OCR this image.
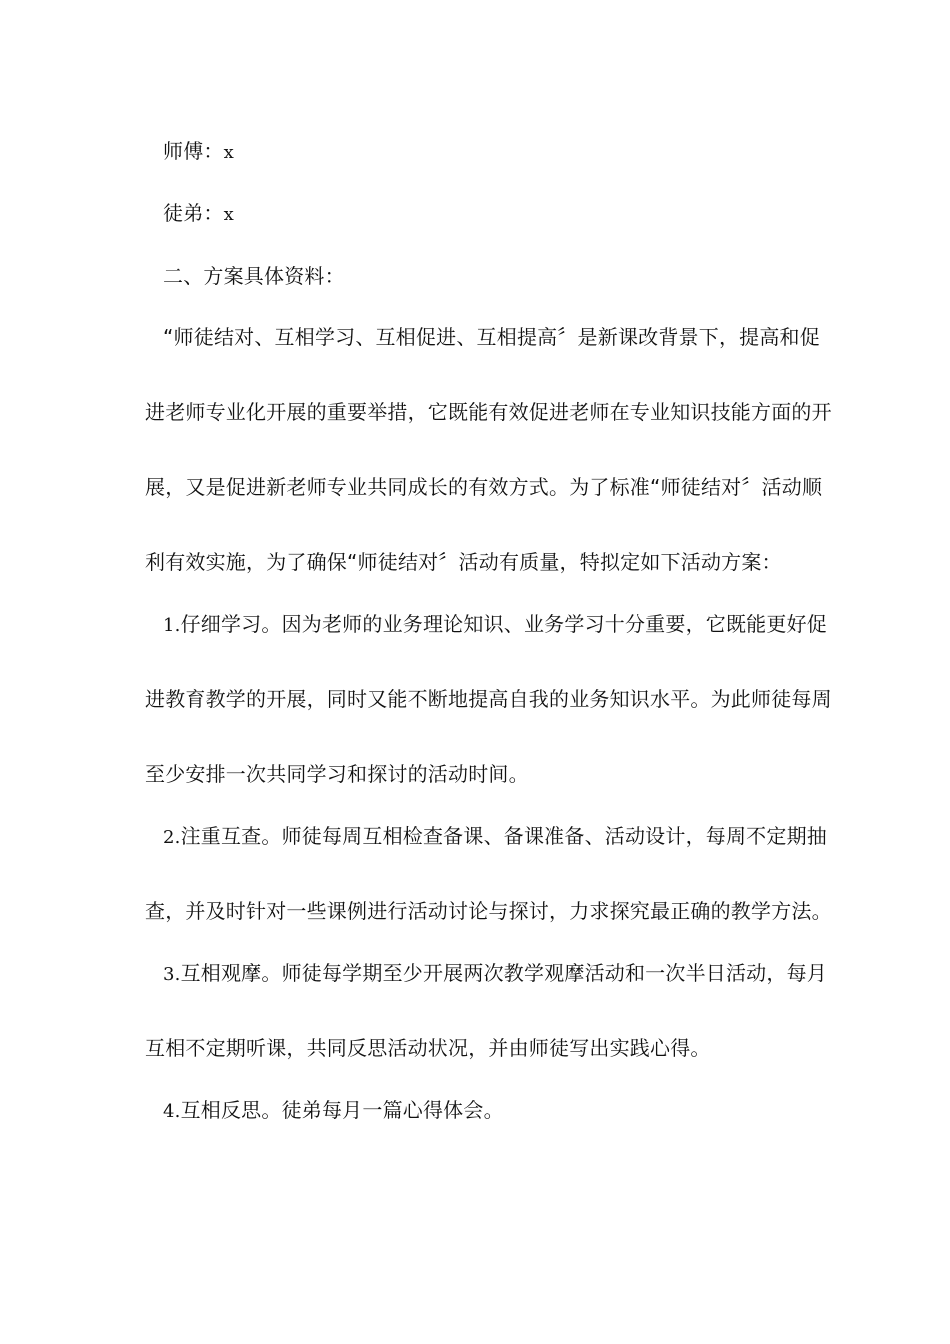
师傅：x
徒弟：x
二、方案具体资料：
“师徒结对、互相学习、互相促进、互相提高〞是新课改背景下，提高和促
进老师专业化开展的重要举措，它既能有效促进老师在专业知识技能方面的开
展，又是促进新老师专业共同成长的有效方式。为了标准“师徒结对〞活动顺
利有效实施，为了确保“师徒结对〞活动有质量，特拟定如下活动方案：
1.仔细学习。因为老师的业务理论知识、业务学习十分重要，它既能更好促
进教育教学的开展，同时又能不断地提高自我的业务知识水平。为此师徒每周
至少安排一次共同学习和探讨的活动时间。
2.注重互查。师徒每周互相检查备课、备课准备、活动设计，每周不定期抽
查，并及时针对一些课例进行活动讨论与探讨，力求探究最正确的教学方法。
3.互相观摩。师徒每学期至少开展两次教学观摩活动和一次半日活动，每月
互相不定期听课，共同反思活动状况，并由师徒写出实践心得。
4.互相反思。徒弟每月一篇心得体会。
